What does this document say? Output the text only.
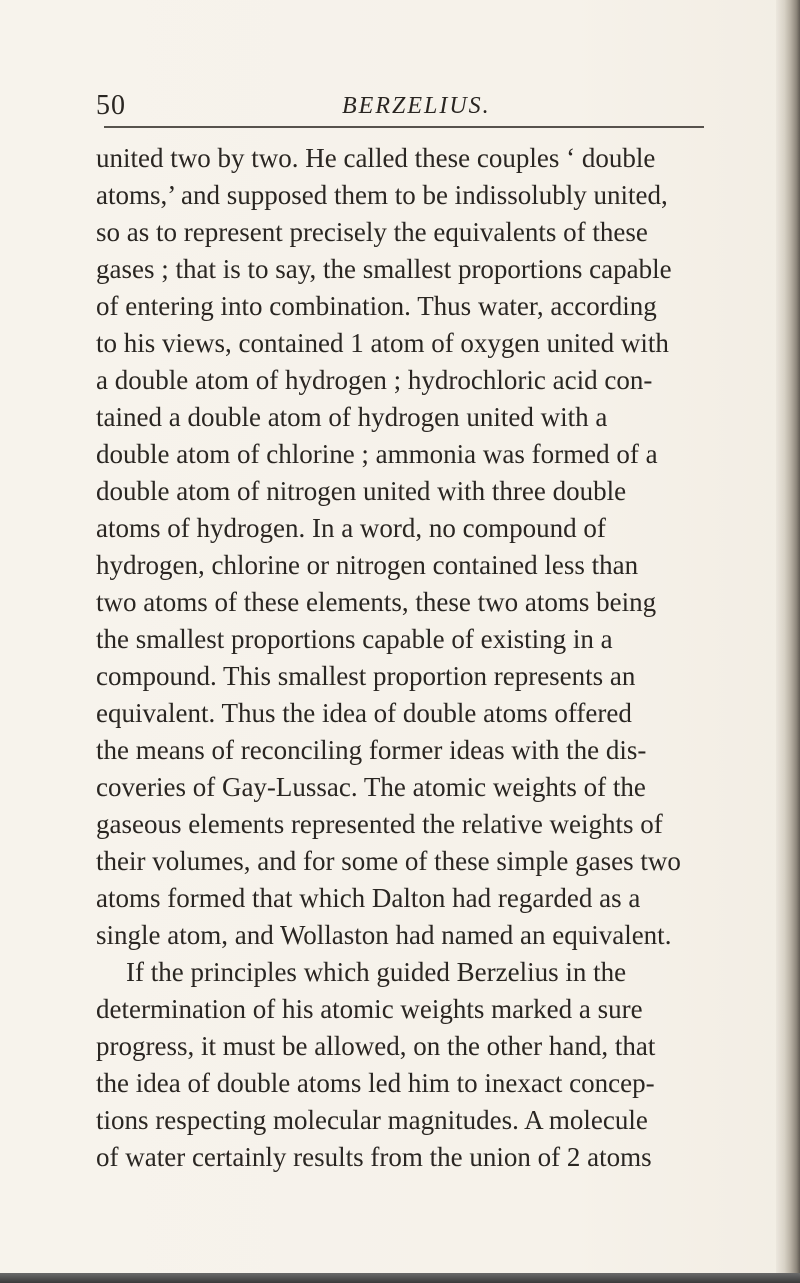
50	BERZELIUS.
united two by two. He called these couples ‘ double
atoms,’ and supposed them to be indissolubly united,
so as to represent precisely the equivalents of these
gases ; that is to say, the smallest proportions capable
of entering into combination. Thus water, according
to his views, contained 1 atom of oxygen united with
a double atom of hydrogen ; hydrochloric acid con-
tained a double atom of hydrogen united with a
double atom of chlorine ; ammonia was formed of a
double atom of nitrogen united with three double
atoms of hydrogen. In a word, no compound of
hydrogen, chlorine or nitrogen contained less than
two atoms of these elements, these two atoms being
the smallest proportions capable of existing in a
compound. This smallest proportion represents an
equivalent. Thus the idea of double atoms offered
the means of reconciling former ideas with the dis-
coveries of Gay-Lussac. The atomic weights of the
gaseous elements represented the relative weights of
their volumes, and for some of these simple gases two
atoms formed that which Dalton had regarded as a
single atom, and Wollaston had named an equivalent.
If the principles which guided Berzelius in the
determination of his atomic weights marked a sure
progress, it must be allowed, on the other hand, that
the idea of double atoms led him to inexact concep-
tions respecting molecular magnitudes. A molecule
of water certainly results from the union of 2 atoms
